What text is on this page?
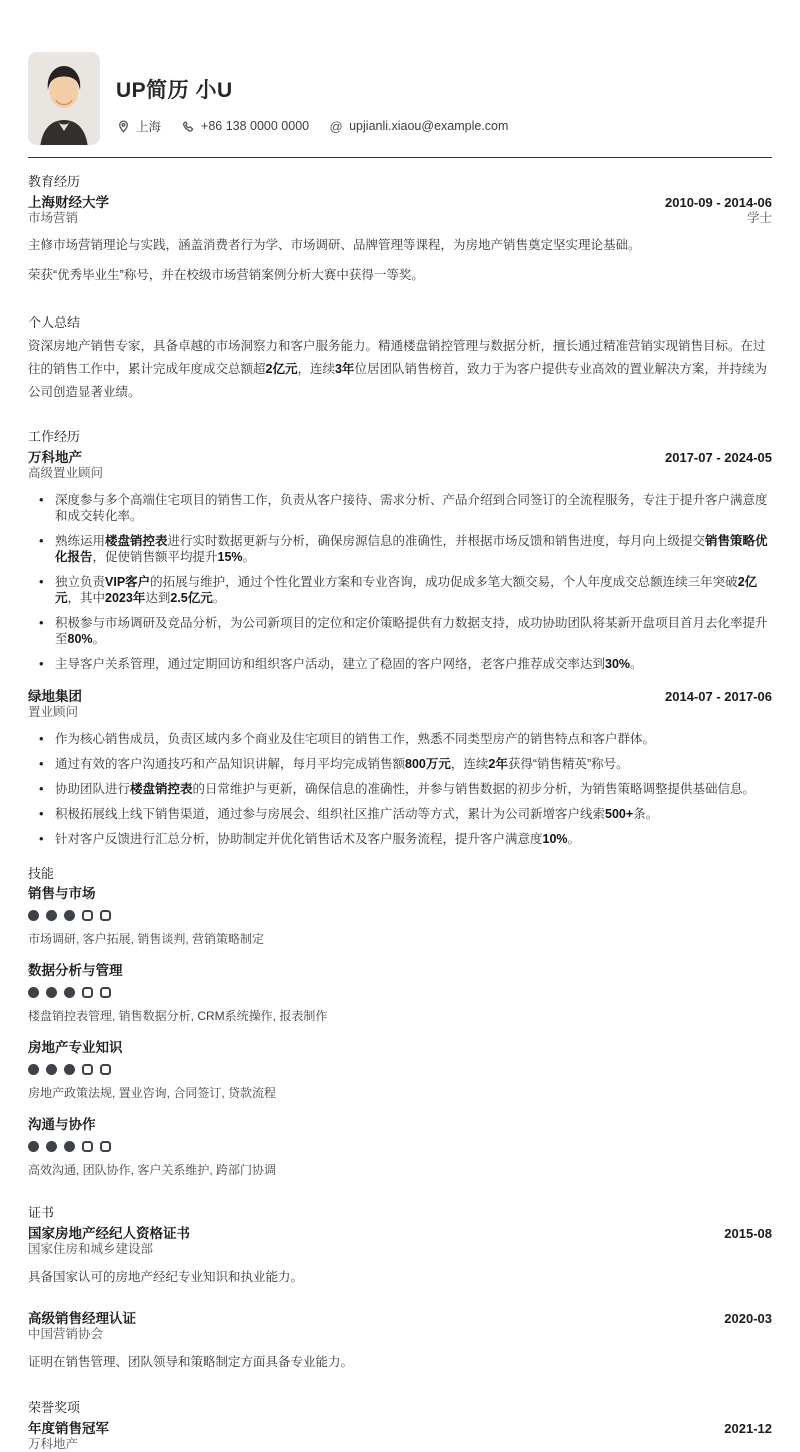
UP简历 小U
上海	+86 138 0000 0000 @ upjianli.xiaou@example.com
教育经历
上海财经大学	2010-09 - 2014-06
市场营销	学士

主修市场营销理论与实践，涵盖消费者行为学、市场调研、品牌管理等课程，为房地产销售奠定坚实理论基础。

荣获“优秀毕业生”称号，并在校级市场营销案例分析大赛中获得一等奖。

个人总结

资深房地产销售专家，具备卓越的市场洞察力和客户服务能力。精通楼盘销控管理与数据分析，擅长通过精准营销实现销售目标。在过往的销售工作中，累计完成年度成交总额超2亿元，连续3年位居团队销售榜首，致力于为客户提供专业高效的置业解决方案，并持续为公司创造显著业绩。

工作经历
万科地产	2017-07 - 2024-05
高级置业顾问
• 深度参与多个高端住宅项目的销售工作，负责从客户接待、需求分析、产品介绍到合同签订的全流程服务，专注于提升客户满意度和成交转化率。
• 熟练运用楼盘销控表进行实时数据更新与分析，确保房源信息的准确性，并根据市场反馈和销售进度，每月向上级提交销售策略优化报告，促使销售额平均提升15%。
• 独立负责VIP客户的拓展与维护，通过个性化置业方案和专业咨询，成功促成多笔大额交易，个人年度成交总额连续三年突破2亿元，其中2023年达到2.5亿元。
• 积极参与市场调研及竞品分析，为公司新项目的定位和定价策略提供有力数据支持，成功协助团队将某新开盘项目首月去化率提升至80%。
• 主导客户关系管理，通过定期回访和组织客户活动，建立了稳固的客户网络，老客户推荐成交率达到30%。
绿地集团	2014-07 - 2017-06
置业顾问
• 作为核心销售成员，负责区域内多个商业及住宅项目的销售工作，熟悉不同类型房产的销售特点和客户群体。
• 通过有效的客户沟通技巧和产品知识讲解，每月平均完成销售额800万元，连续2年获得“销售精英”称号。
• 协助团队进行楼盘销控表的日常维护与更新，确保信息的准确性，并参与销售数据的初步分析，为销售策略调整提供基础信息。
• 积极拓展线上线下销售渠道，通过参与房展会、组织社区推广活动等方式，累计为公司新增客户线索500+条。
• 针对客户反馈进行汇总分析，协助制定并优化销售话术及客户服务流程，提升客户满意度10%。
技能
销售与市场
市场调研, 客户拓展, 销售谈判, 营销策略制定
数据分析与管理
楼盘销控表管理, 销售数据分析, CRM系统操作, 报表制作
房地产专业知识
房地产政策法规, 置业咨询, 合同签订, 贷款流程
沟通与协作
高效沟通, 团队协作, 客户关系维护, 跨部门协调
证书
国家房地产经纪人资格证书	2015-08
国家住房和城乡建设部

具备国家认可的房地产经纪专业知识和执业能力。

高级销售经理认证	2020-03
中国营销协会

证明在销售管理、团队领导和策略制定方面具备专业能力。

荣誉奖项
年度销售冠军	2021-12
万科地产
